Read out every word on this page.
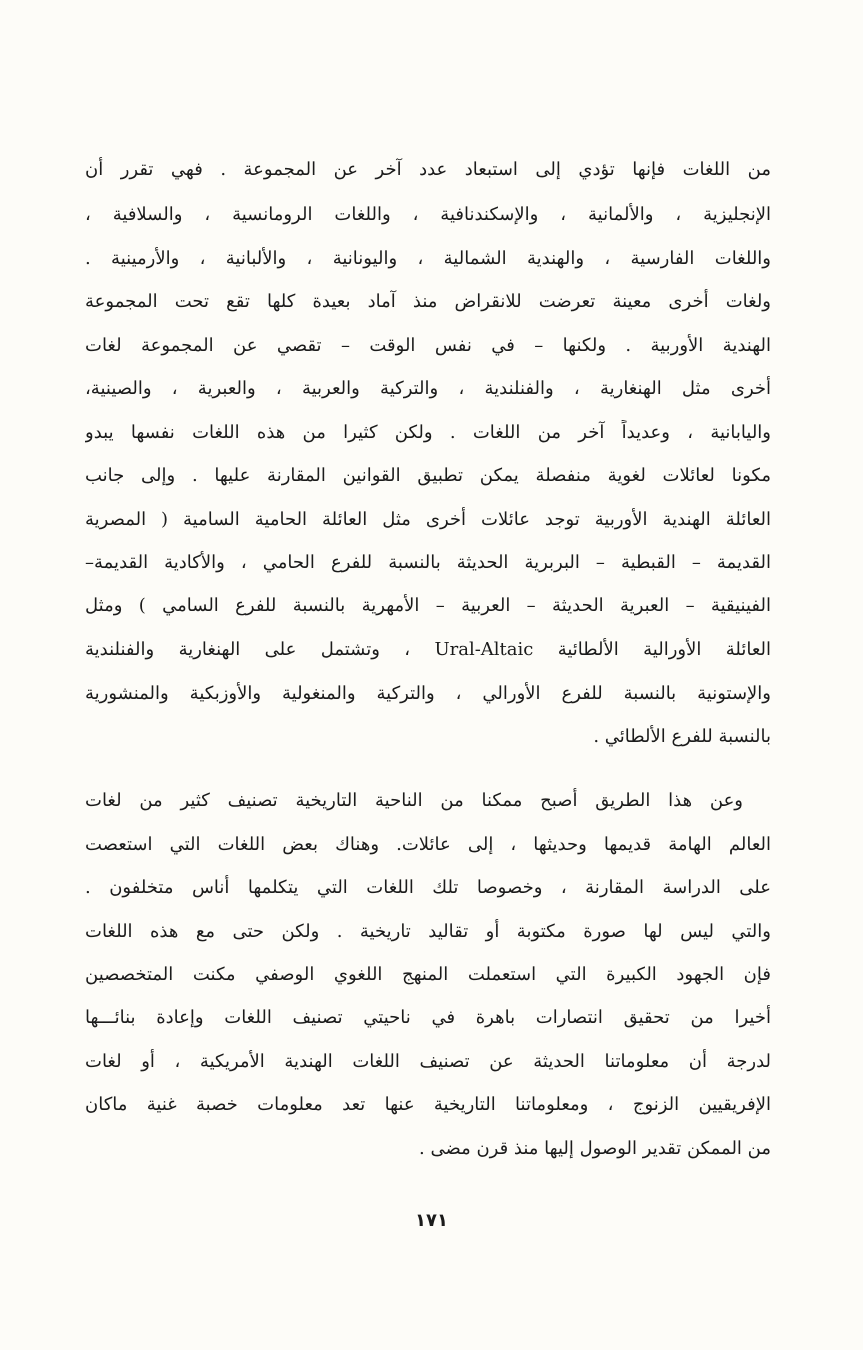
من اللغات فإنها تؤدي إلى استبعاد عدد آخر عن المجموعة . فهي تقرر أن
الإنجليزية ، والألمانية ، والإسكندنافية ، واللغات الرومانسية ، والسلافية ،
واللغات الفارسية ، والهندية الشمالية ، واليونانية ، والألبانية ، والأرمينية .
ولغات أخرى معينة تعرضت للانقراض منذ آماد بعيدة كلها تقع تحت المجموعة
الهندية الأوربية . ولكنها – في نفس الوقت – تقصي عن المجموعة لغات
أخرى مثل الهنغارية ، والفنلندية ، والتركية والعربية ، والعبرية ، والصينية،
واليابانية ، وعديداً آخر من اللغات . ولكن كثيرا من هذه اللغات نفسها يبدو
مكونا لعائلات لغوية منفصلة يمكن تطبيق القوانين المقارنة عليها . وإلى جانب
العائلة الهندية الأوربية توجد عائلات أخرى مثل العائلة الحامية السامية ( المصرية
القديمة – القبطية – البربرية الحديثة بالنسبة للفرع الحامي ، والأكادية القديمة–
الفينيقية – العبرية الحديثة – العربية – الأمهرية بالنسبة للفرع السامي ) ومثل
العائلة الأورالية الألطائية Ural-Altaic ، وتشتمل على الهنغارية والفنلندية
والإستونية بالنسبة للفرع الأورالي ، والتركية والمنغولية والأوزبكية والمنشورية
بالنسبة للفرع الألطائي .
وعن هذا الطريق أصبح ممكنا من الناحية التاريخية تصنيف كثير من لغات
العالم الهامة قديمها وحديثها ، إلى عائلات. وهناك بعض اللغات التي استعصت
على الدراسة المقارنة ، وخصوصا تلك اللغات التي يتكلمها أناس متخلفون .
والتي ليس لها صورة مكتوبة أو تقاليد تاريخية . ولكن حتى مع هذه اللغات
فإن الجهود الكبيرة التي استعملت المنهج اللغوي الوصفي مكنت المتخصصين
أخيرا من تحقيق انتصارات باهرة في ناحيتي تصنيف اللغات وإعادة بنائـــها
لدرجة أن معلوماتنا الحديثة عن تصنيف اللغات الهندية الأمريكية ، أو لغات
الإفريقيين الزنوج ، ومعلوماتنا التاريخية عنها تعد معلومات خصبة غنية ماكان
من الممكن تقدير الوصول إليها منذ قرن مضى .
١٧١
